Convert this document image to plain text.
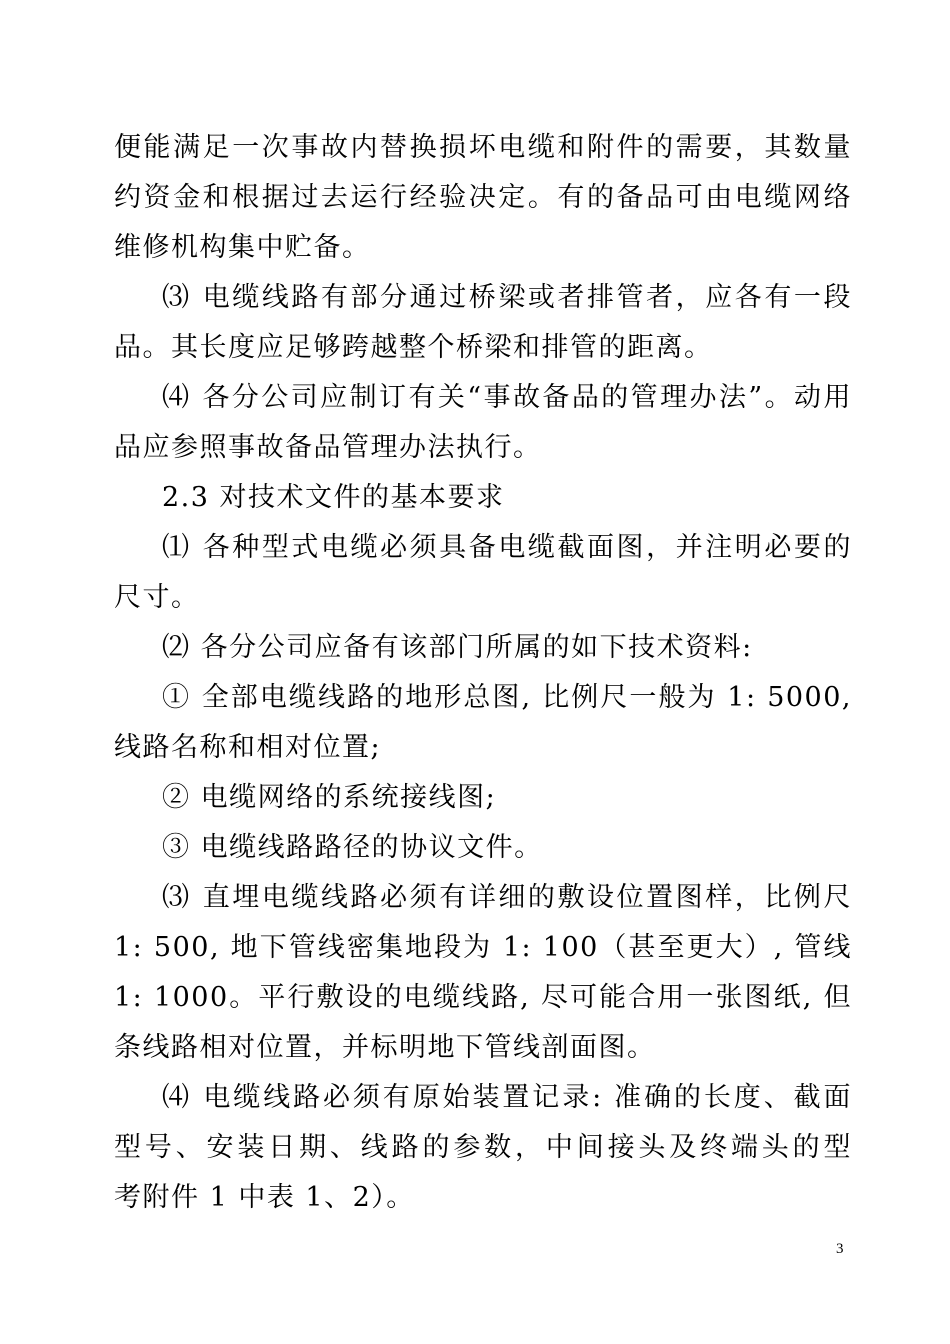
便能满足一次事故内替换损坏电缆和附件的需要，其数量
约资金和根据过去运行经验决定。有的备品可由电缆网络
维修机构集中贮备。
⑶ 电缆线路有部分通过桥梁或者排管者，应各有一段
品。其长度应足够跨越整个桥梁和排管的距离。
⑷ 各分公司应制订有关“事故备品的管理办法”。动用
品应参照事故备品管理办法执行。
2.3 对技术文件的基本要求
⑴ 各种型式电缆必须具备电缆截面图，并注明必要的
尺寸。
⑵ 各分公司应备有该部门所属的如下技术资料:
① 全部电缆线路的地形总图, 比例尺一般为 1: 5000,
线路名称和相对位置;
② 电缆网络的系统接线图;
③ 电缆线路路径的协议文件。
⑶ 直埋电缆线路必须有详细的敷设位置图样，比例尺
1: 500, 地下管线密集地段为 1: 100（甚至更大）, 管线
1: 1000。平行敷设的电缆线路, 尽可能合用一张图纸, 但
条线路相对位置，并标明地下管线剖面图。
⑷ 电缆线路必须有原始装置记录: 准确的长度、截面
型号、安装日期、线路的参数，中间接头及终端头的型
考附件 1 中表 1、2）。
3
